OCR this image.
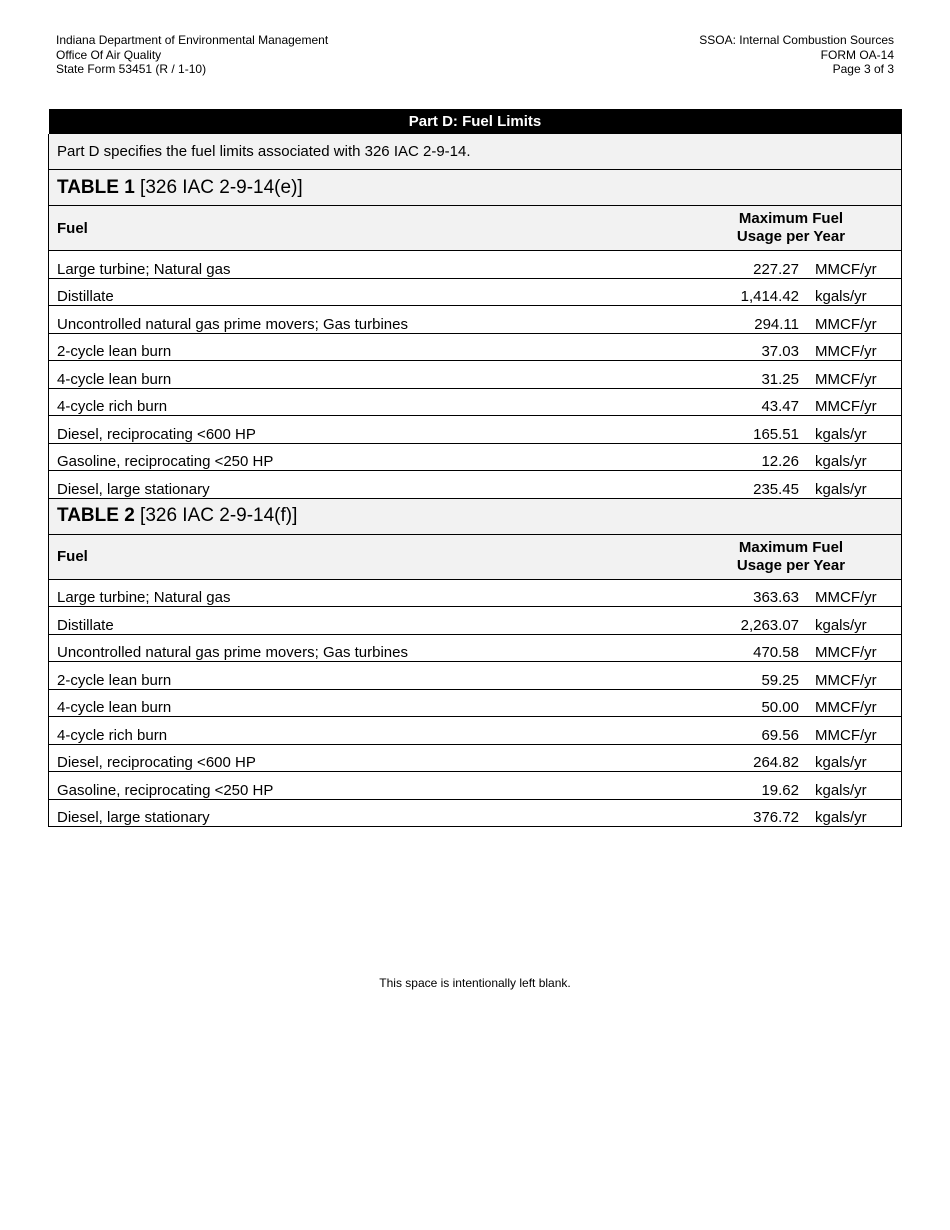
Indiana Department of Environmental Management
Office Of Air Quality
State Form 53451 (R / 1-10)
SSOA: Internal Combustion Sources
FORM OA-14
Page 3 of 3
Part D: Fuel Limits		
Part D specifies the fuel limits associated with 326 IAC 2-9-14.		
TABLE 1 [326 IAC 2-9-14(e)]		
Fuel	Maximum Fuel
Usage per Year	
Large turbine; Natural gas	227.27	MMCF/yr
Distillate	1,414.42	kgals/yr
Uncontrolled natural gas prime movers; Gas turbines	294.11	MMCF/yr
2-cycle lean burn	37.03	MMCF/yr
4-cycle lean burn	31.25	MMCF/yr
4-cycle rich burn	43.47	MMCF/yr
Diesel, reciprocating <600 HP	165.51	kgals/yr
Gasoline, reciprocating <250 HP	12.26	kgals/yr
Diesel, large stationary	235.45	kgals/yr
TABLE 2 [326 IAC 2-9-14(f)]		
Fuel	Maximum Fuel
Usage per Year	
Large turbine; Natural gas	363.63	MMCF/yr
Distillate	2,263.07	kgals/yr
Uncontrolled natural gas prime movers; Gas turbines	470.58	MMCF/yr
2-cycle lean burn	59.25	MMCF/yr
4-cycle lean burn	50.00	MMCF/yr
4-cycle rich burn	69.56	MMCF/yr
Diesel, reciprocating <600 HP	264.82	kgals/yr
Gasoline, reciprocating <250 HP	19.62	kgals/yr
Diesel, large stationary	376.72	kgals/yr
This space is intentionally left blank.
